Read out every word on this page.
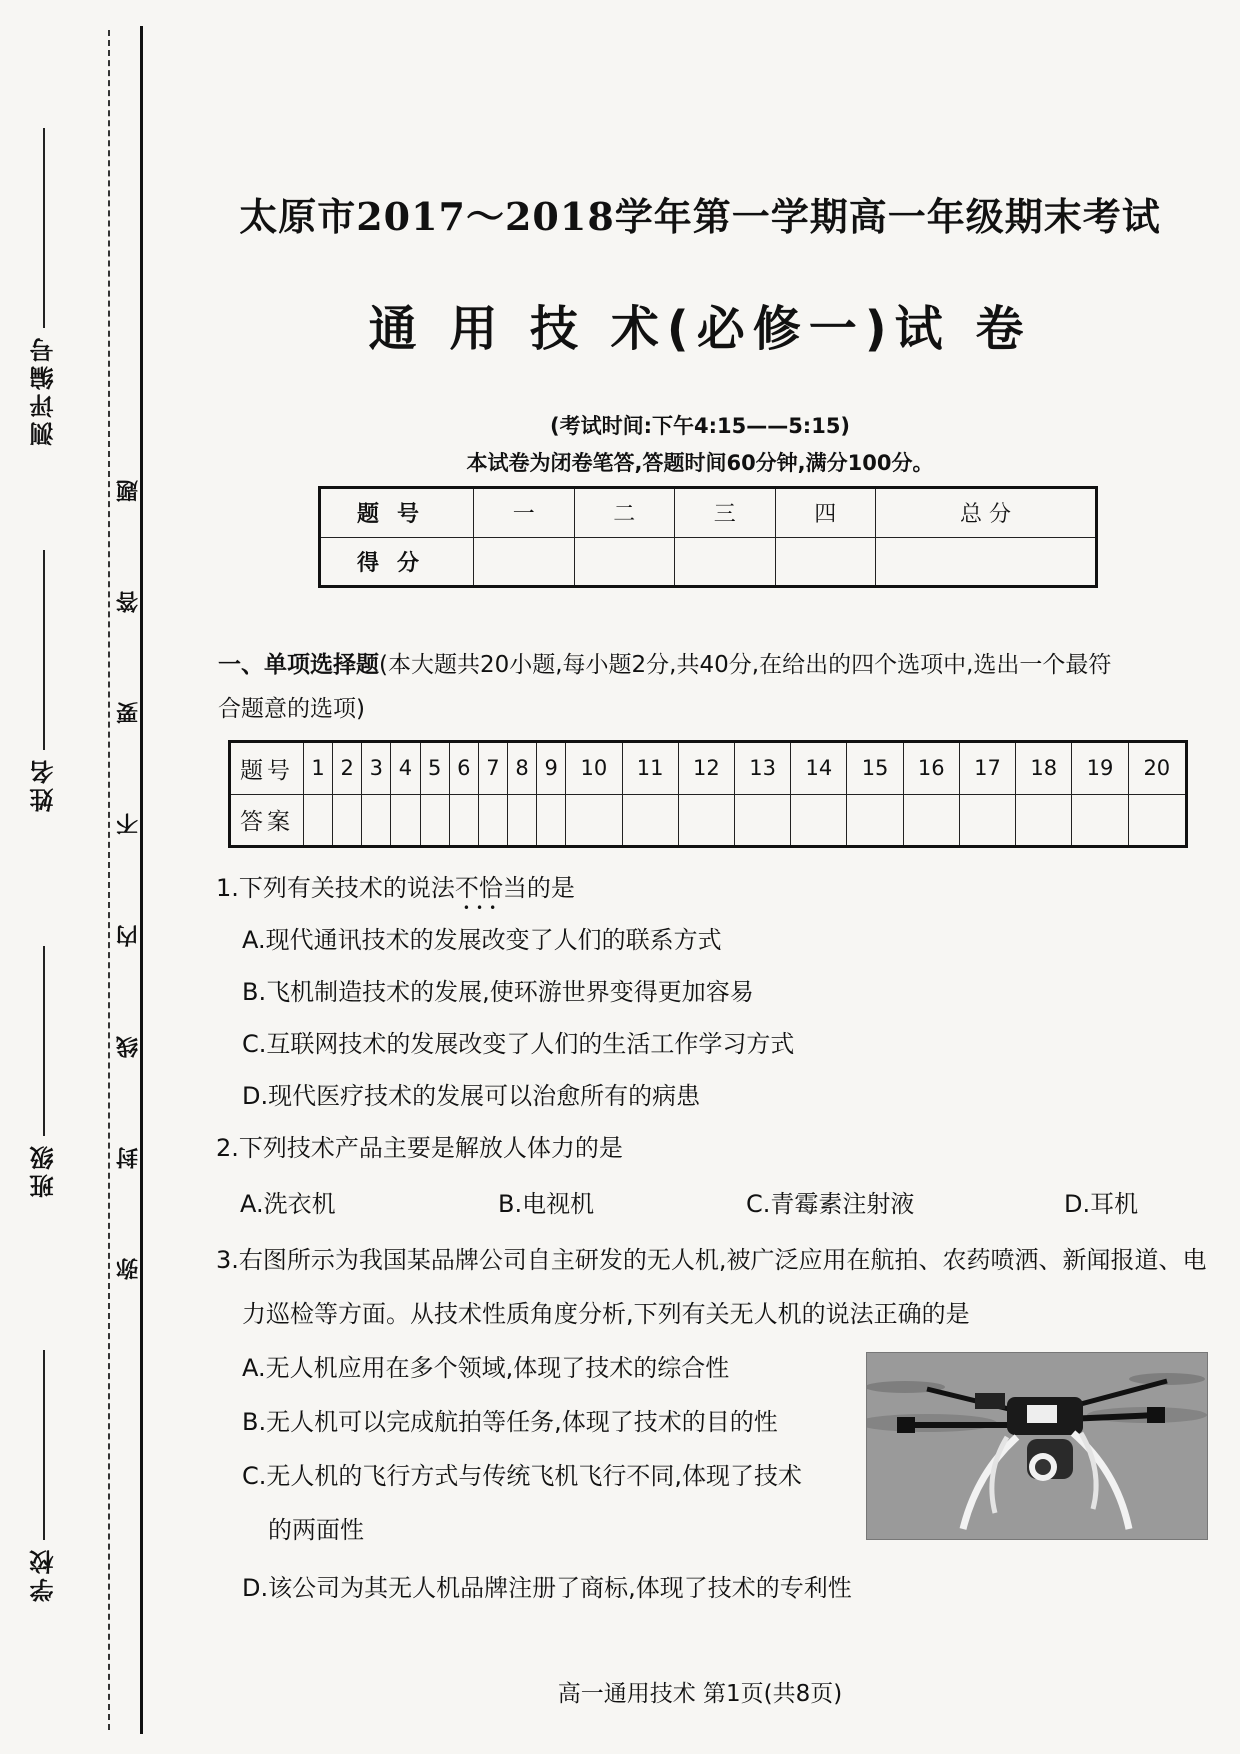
弥
封
线
内
不
要
答
题
测评编号
姓名
班级
学校
太原市2017～2018学年第一学期高一年级期末考试
通 用 技 术(必修一)试 卷
(考试时间:下午4:15——5:15)
本试卷为闭卷笔答,答题时间60分钟,满分100分。
题号	一	二	三	四	总 分
得分					
一、单项选择题(本大题共20小题,每小题2分,共40分,在给出的四个选项中,选出一个最符
合题意的选项)
题号	1	2	3	4	5	6	7	8	9	10	11	12	13	14	15	16	17	18	19	20
答案																				
1.下列有关技术的说法不恰当 • • •的是
A.现代通讯技术的发展改变了人们的联系方式
B.飞机制造技术的发展,使环游世界变得更加容易
C.互联网技术的发展改变了人们的生活工作学习方式
D.现代医疗技术的发展可以治愈所有的病患
2.下列技术产品主要是解放人体力的是
A.洗衣机	B.电视机	C.青霉素注射液	D.耳机
3.右图所示为我国某品牌公司自主研发的无人机,被广泛应用在航拍、农药喷洒、新闻报道、电
力巡检等方面。从技术性质角度分析,下列有关无人机的说法正确的是
A.无人机应用在多个领域,体现了技术的综合性
B.无人机可以完成航拍等任务,体现了技术的目的性
C.无人机的飞行方式与传统飞机飞行不同,体现了技术
的两面性
D.该公司为其无人机品牌注册了商标,体现了技术的专利性
高一通用技术 第1页(共8页)
